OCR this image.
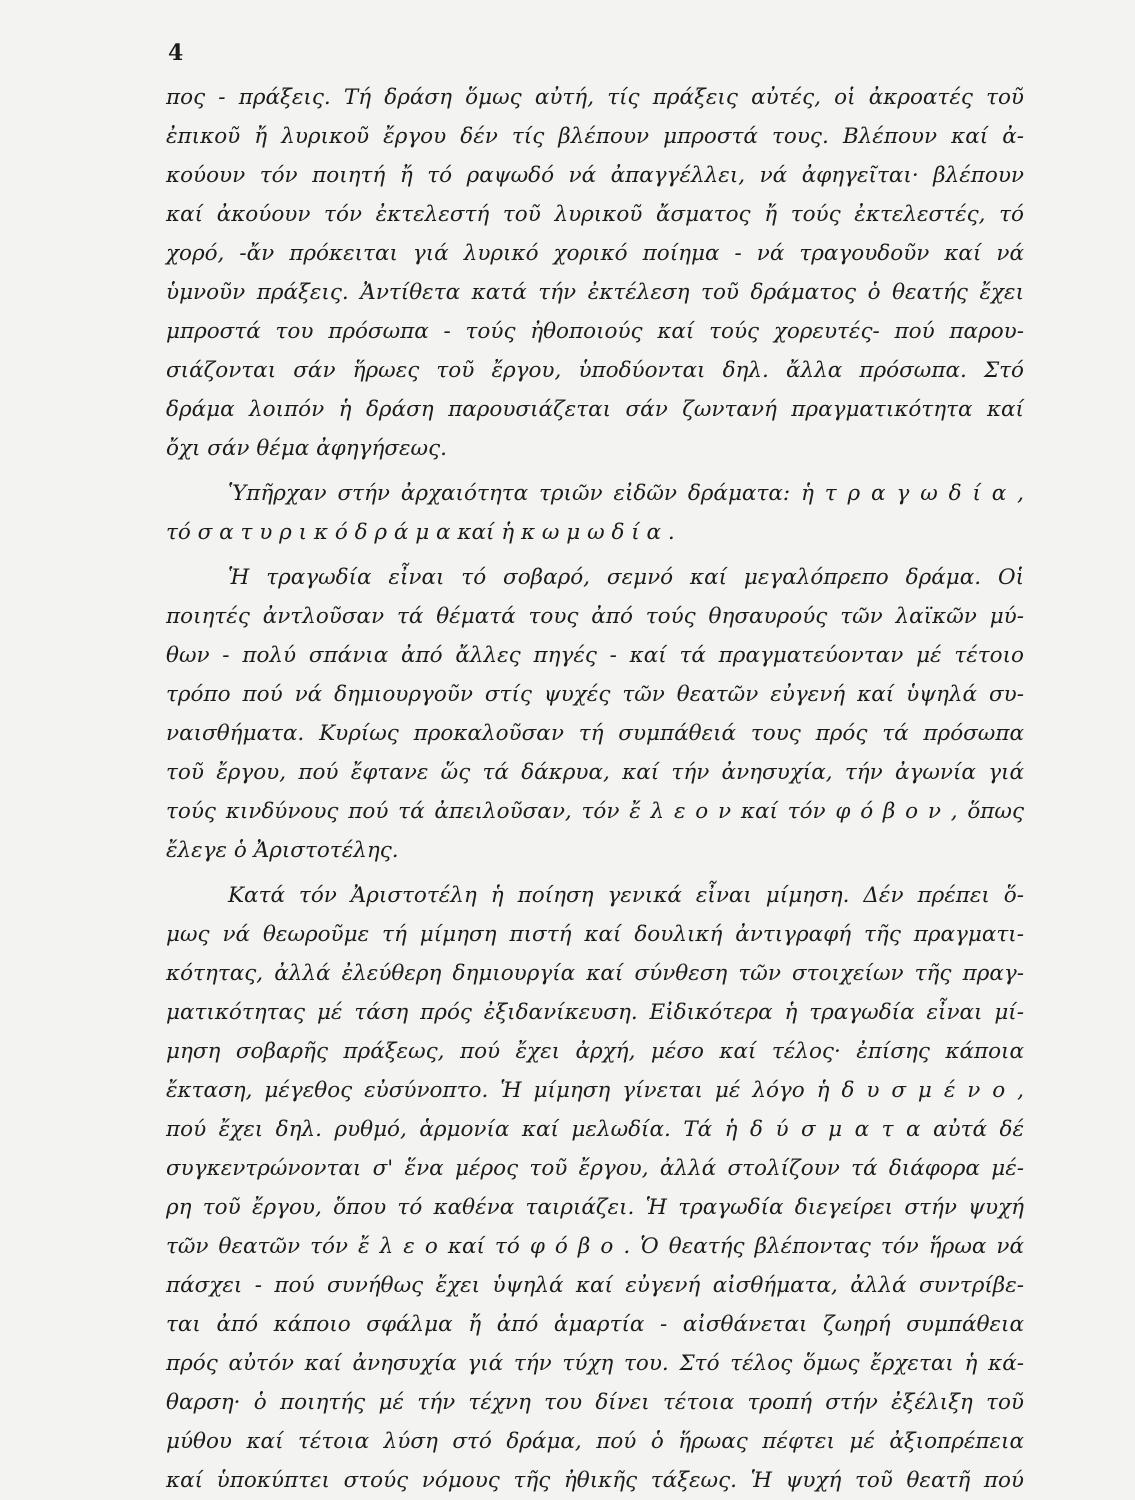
4
πος - πράξεις. Τή δράση ὅμως αὐτή, τίς πράξεις αὐτές, οἱ ἀκροατές τοῦ
ἐπικοῦ ἤ λυρικοῦ ἔργου δέν τίς βλέπουν μπροστά τους. Βλέπουν καί ἀ-
κούουν τόν ποιητή ἤ τό ραψωδό νά ἀπαγγέλλει, νά ἀφηγεῖται· βλέπουν
καί ἀκούουν τόν ἐκτελεστή τοῦ λυρικοῦ ἄσματος ἤ τούς ἐκτελεστές, τό
χορό, -ἄν πρόκειται γιά λυρικό χορικό ποίημα - νά τραγουδοῦν καί νά
ὑμνοῦν πράξεις. Ἀντίθετα κατά τήν ἐκτέλεση τοῦ δράματος ὁ θεατής ἔχει
μπροστά του πρόσωπα - τούς ἠθοποιούς καί τούς χορευτές- πού παρου-
σιάζονται σάν ἥρωες τοῦ ἔργου, ὑποδύονται δηλ. ἄλλα πρόσωπα. Στό
δράμα λοιπόν ἡ δράση παρουσιάζεται σάν ζωντανή πραγματικότητα καί
ὄχι σάν θέμα ἀφηγήσεως.
Ὑπῆρχαν στήν ἀρχαιότητα τριῶν εἰδῶν δράματα: ἡ τ ρ α γ ω δ ί α ,
τό σ α τ υ ρ ι κ ό δ ρ ά μ α καί ἡ κ ω μ ω δ ί α .
Ἡ τραγωδία εἶναι τό σοβαρό, σεμνό καί μεγαλόπρεπο δράμα. Οἱ
ποιητές ἀντλοῦσαν τά θέματά τους ἀπό τούς θησαυρούς τῶν λαϊκῶν μύ-
θων - πολύ σπάνια ἀπό ἄλλες πηγές - καί τά πραγματεύονταν μέ τέτοιο
τρόπο πού νά δημιουργοῦν στίς ψυχές τῶν θεατῶν εὐγενή καί ὑψηλά συ-
ναισθήματα. Κυρίως προκαλοῦσαν τή συμπάθειά τους πρός τά πρόσωπα
τοῦ ἔργου, πού ἔφτανε ὥς τά δάκρυα, καί τήν ἀνησυχία, τήν ἀγωνία γιά
τούς κινδύνους πού τά ἀπειλοῦσαν, τόν ἔ λ ε ο ν καί τόν φ ό β ο ν , ὅπως
ἔλεγε ὁ Ἀριστοτέλης.
Κατά τόν Ἀριστοτέλη ἡ ποίηση γενικά εἶναι μίμηση. Δέν πρέπει ὅ-
μως νά θεωροῦμε τή μίμηση πιστή καί δουλική ἀντιγραφή τῆς πραγματι-
κότητας, ἀλλά ἐλεύθερη δημιουργία καί σύνθεση τῶν στοιχείων τῆς πραγ-
ματικότητας μέ τάση πρός ἐξιδανίκευση. Εἰδικότερα ἡ τραγωδία εἶναι μί-
μηση σοβαρῆς πράξεως, πού ἔχει ἀρχή, μέσο καί τέλος· ἐπίσης κάποια
ἔκταση, μέγεθος εὐσύνοπτο. Ἡ μίμηση γίνεται μέ λόγο ἡ δ υ σ μ έ ν ο ,
πού ἔχει δηλ. ρυθμό, ἁρμονία καί μελωδία. Τά ἡ δ ύ σ μ α τ α αὐτά δέ
συγκεντρώνονται σ' ἕνα μέρος τοῦ ἔργου, ἀλλά στολίζουν τά διάφορα μέ-
ρη τοῦ ἔργου, ὅπου τό καθένα ταιριάζει. Ἡ τραγωδία διεγείρει στήν ψυχή
τῶν θεατῶν τόν ἔ λ ε ο καί τό φ ό β ο . Ὁ θεατής βλέποντας τόν ἥρωα νά
πάσχει - πού συνήθως ἔχει ὑψηλά καί εὐγενή αἰσθήματα, ἀλλά συντρίβε-
ται ἀπό κάποιο σφάλμα ἤ ἀπό ἁμαρτία - αἰσθάνεται ζωηρή συμπάθεια
πρός αὐτόν καί ἀνησυχία γιά τήν τύχη του. Στό τέλος ὅμως ἔρχεται ἡ κά-
θαρση· ὁ ποιητής μέ τήν τέχνη του δίνει τέτοια τροπή στήν ἐξέλιξη τοῦ
μύθου καί τέτοια λύση στό δράμα, πού ὁ ἥρωας πέφτει μέ ἀξιοπρέπεια
καί ὑποκύπτει στούς νόμους τῆς ἠθικῆς τάξεως. Ἡ ψυχή τοῦ θεατῆ πού
